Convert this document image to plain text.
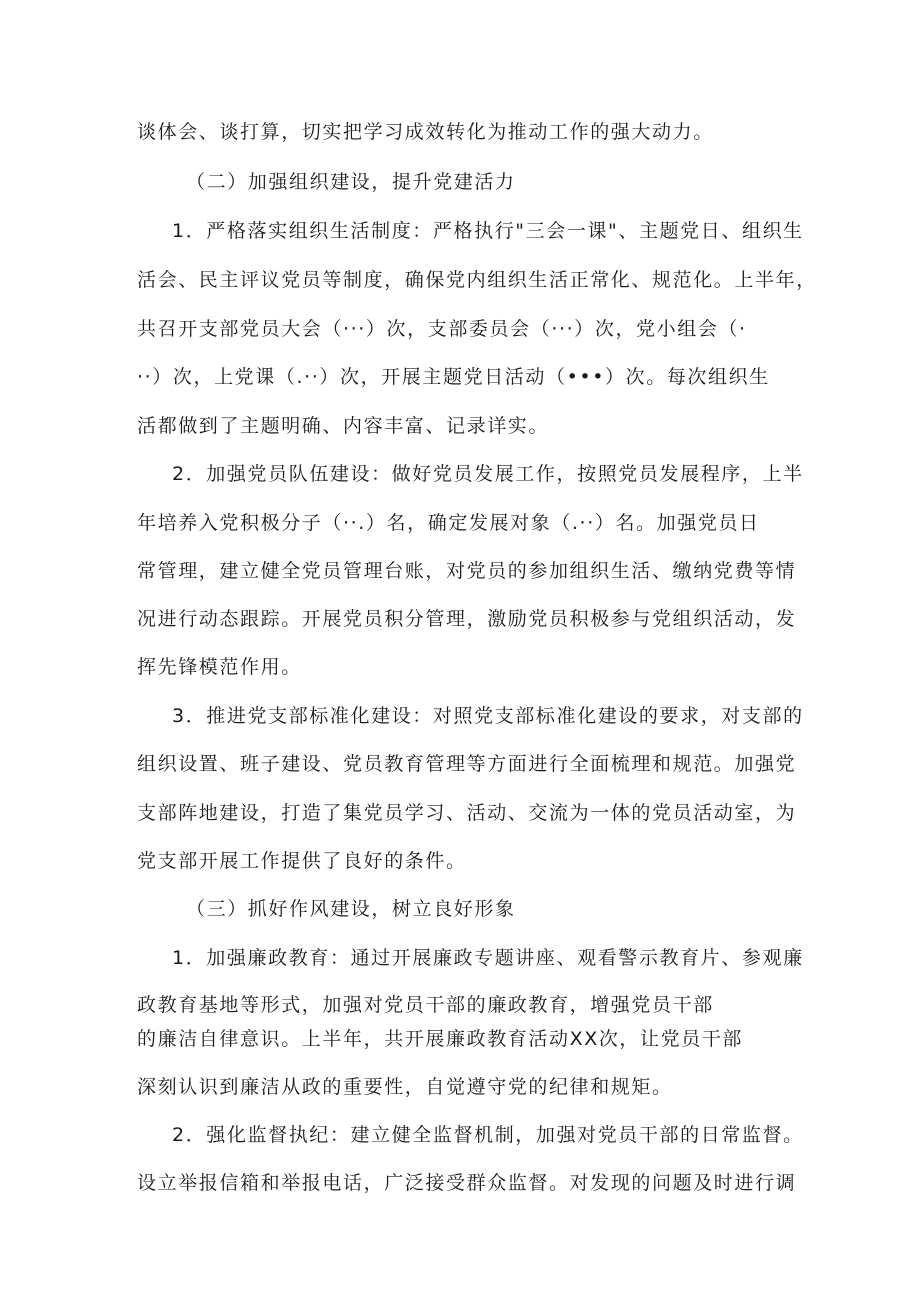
谈体会、谈打算，切实把学习成效转化为推动工作的强大动力。
（二）加强组织建设，提升党建活力
1．严格落实组织生活制度：严格执行"三会一课"、主题党日、组织生
活会、民主评议党员等制度，确保党内组织生活正常化、规范化。上半年，
共召开支部党员大会（···）次，支部委员会（···）次，党小组会（·
··）次，上党课（.··）次，开展主题党日活动（•••）次。每次组织生
活都做到了主题明确、内容丰富、记录详实。
2．加强党员队伍建设：做好党员发展工作，按照党员发展程序，上半
年培养入党积极分子（··.）名，确定发展对象（.··）名。加强党员日
常管理，建立健全党员管理台账，对党员的参加组织生活、缴纳党费等情
况进行动态跟踪。开展党员积分管理，激励党员积极参与党组织活动，发
挥先锋模范作用。
3．推进党支部标准化建设：对照党支部标准化建设的要求，对支部的
组织设置、班子建设、党员教育管理等方面进行全面梳理和规范。加强党
支部阵地建设，打造了集党员学习、活动、交流为一体的党员活动室，为
党支部开展工作提供了良好的条件。
（三）抓好作风建设，树立良好形象
1．加强廉政教育：通过开展廉政专题讲座、观看警示教育片、参观廉
政教育基地等形式，加强对党员干部的廉政教育，增强党员干部
的廉洁自律意识。上半年，共开展廉政教育活动XX次，让党员干部
深刻认识到廉洁从政的重要性，自觉遵守党的纪律和规矩。
2．强化监督执纪：建立健全监督机制，加强对党员干部的日常监督。
设立举报信箱和举报电话，广泛接受群众监督。对发现的问题及时进行调
